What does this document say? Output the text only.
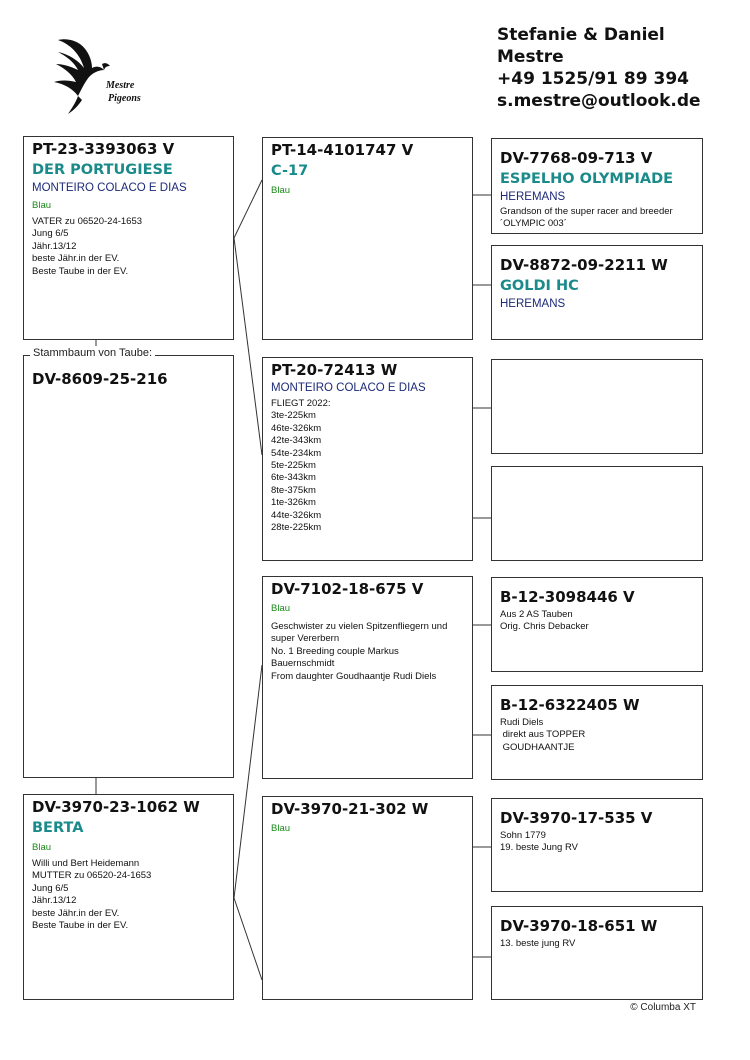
Mestre
Pigeons
Stefanie & Daniel
Mestre
+49 1525/91 89 394
s.mestre@outlook.de
PT-23-3393063 V
DER PORTUGIESE
MONTEIRO COLACO E DIAS
Blau
VATER zu 06520-24-1653
Jung 6/5
Jähr.13/12
beste Jähr.in der EV.
Beste Taube in der EV.
DV-8609-25-216
Stammbaum von Taube:
DV-3970-23-1062 W
BERTA
Blau
Willi und Bert Heidemann
MUTTER zu 06520-24-1653
Jung 6/5
Jähr.13/12
beste Jähr.in der EV.
Beste Taube in der EV.
PT-14-4101747 V
C-17
Blau
PT-20-72413 W
MONTEIRO COLACO E DIAS
FLIEGT 2022:
3te-225km
46te-326km
42te-343km
54te-234km
5te-225km
6te-343km
8te-375km
1te-326km
44te-326km
28te-225km
DV-7102-18-675 V
Blau
Geschwister zu vielen Spitzenfliegern und super Vererbern
No. 1 Breeding couple Markus Bauernschmidt
From daughter Goudhaantje Rudi Diels
DV-3970-21-302 W
Blau
DV-7768-09-713 V
ESPELHO OLYMPIADE
HEREMANS
Grandson of the super racer and breeder ´OLYMPIC 003´
DV-8872-09-2211 W
GOLDI HC
HEREMANS
B-12-3098446 V
Aus 2 AS Tauben
Orig. Chris Debacker
B-12-6322405 W
Rudi Diels
direkt aus TOPPER
GOUDHAANTJE
DV-3970-17-535 V
Sohn 1779
19. beste Jung RV
DV-3970-18-651 W
13. beste jung RV
© Columba XT
